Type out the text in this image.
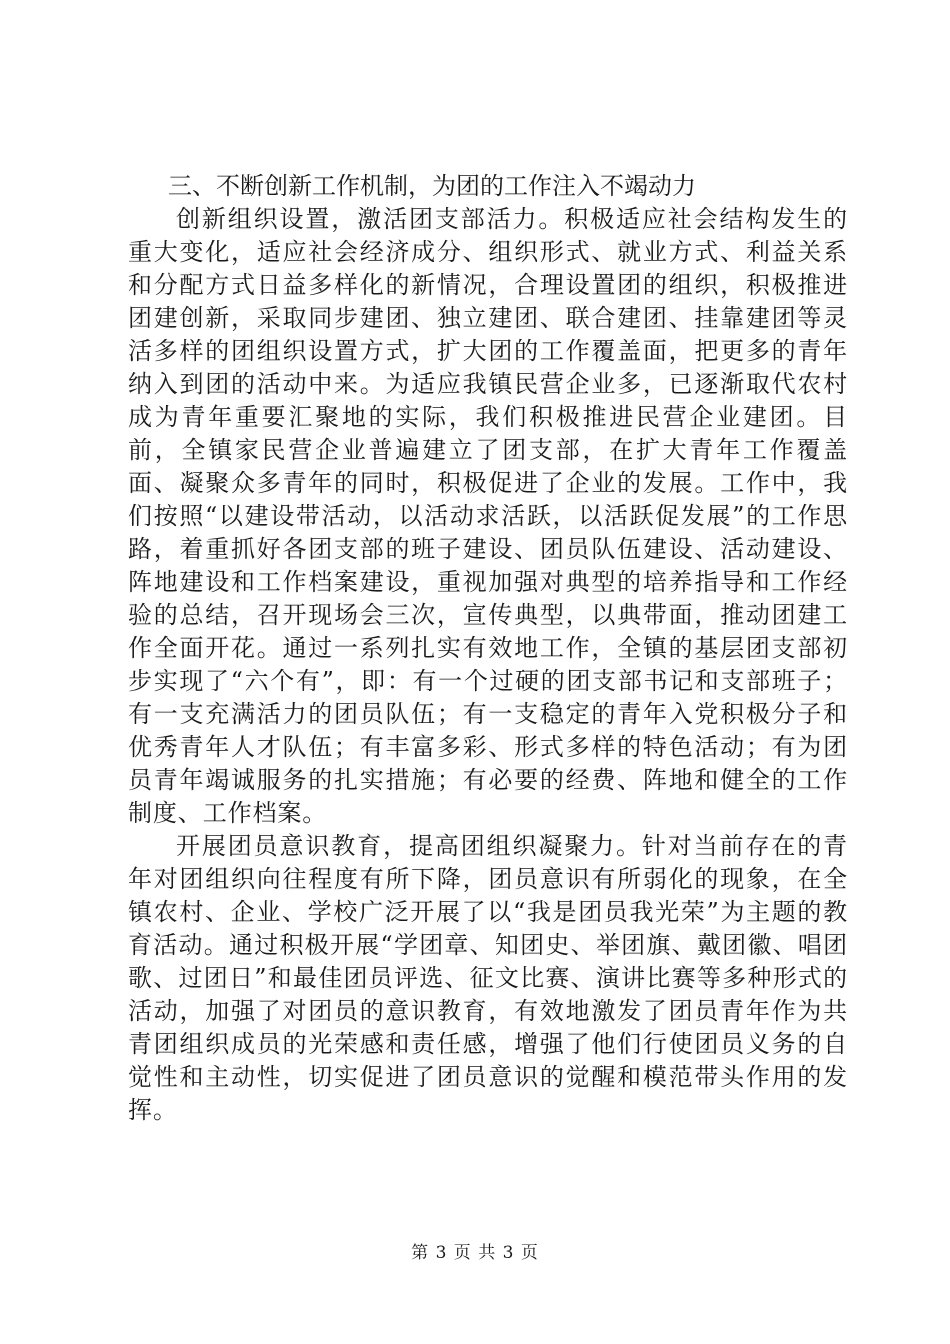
三、不断创新工作机制，为团的工作注入不竭动力

创新组织设置，激活团支部活力。积极适应社会结构发生的重大变化，适应社会经济成分、组织形式、就业方式、利益关系和分配方式日益多样化的新情况，合理设置团的组织，积极推进团建创新，采取同步建团、独立建团、联合建团、挂靠建团等灵活多样的团组织设置方式，扩大团的工作覆盖面，把更多的青年纳入到团的活动中来。为适应我镇民营企业多，已逐渐取代农村成为青年重要汇聚地的实际，我们积极推进民营企业建团。目前，全镇家民营企业普遍建立了团支部，在扩大青年工作覆盖面、凝聚众多青年的同时，积极促进了企业的发展。工作中，我们按照“以建设带活动，以活动求活跃，以活跃促发展”的工作思路，着重抓好各团支部的班子建设、团员队伍建设、活动建设、阵地建设和工作档案建设，重视加强对典型的培养指导和工作经验的总结，召开现场会三次，宣传典型，以典带面，推动团建工作全面开花。通过一系列扎实有效地工作，全镇的基层团支部初步实现了“六个有”，即：有一个过硬的团支部书记和支部班子；有一支充满活力的团员队伍；有一支稳定的青年入党积极分子和优秀青年人才队伍；有丰富多彩、形式多样的特色活动；有为团员青年竭诚服务的扎实措施；有必要的经费、阵地和健全的工作制度、工作档案。

开展团员意识教育，提高团组织凝聚力。针对当前存在的青年对团组织向往程度有所下降，团员意识有所弱化的现象，在全镇农村、企业、学校广泛开展了以“我是团员我光荣”为主题的教育活动。通过积极开展“学团章、知团史、举团旗、戴团徽、唱团歌、过团日”和最佳团员评选、征文比赛、演讲比赛等多种形式的活动，加强了对团员的意识教育，有效地激发了团员青年作为共青团组织成员的光荣感和责任感，增强了他们行使团员义务的自觉性和主动性，切实促进了团员意识的觉醒和模范带头作用的发挥。

第 3 页 共 3 页
